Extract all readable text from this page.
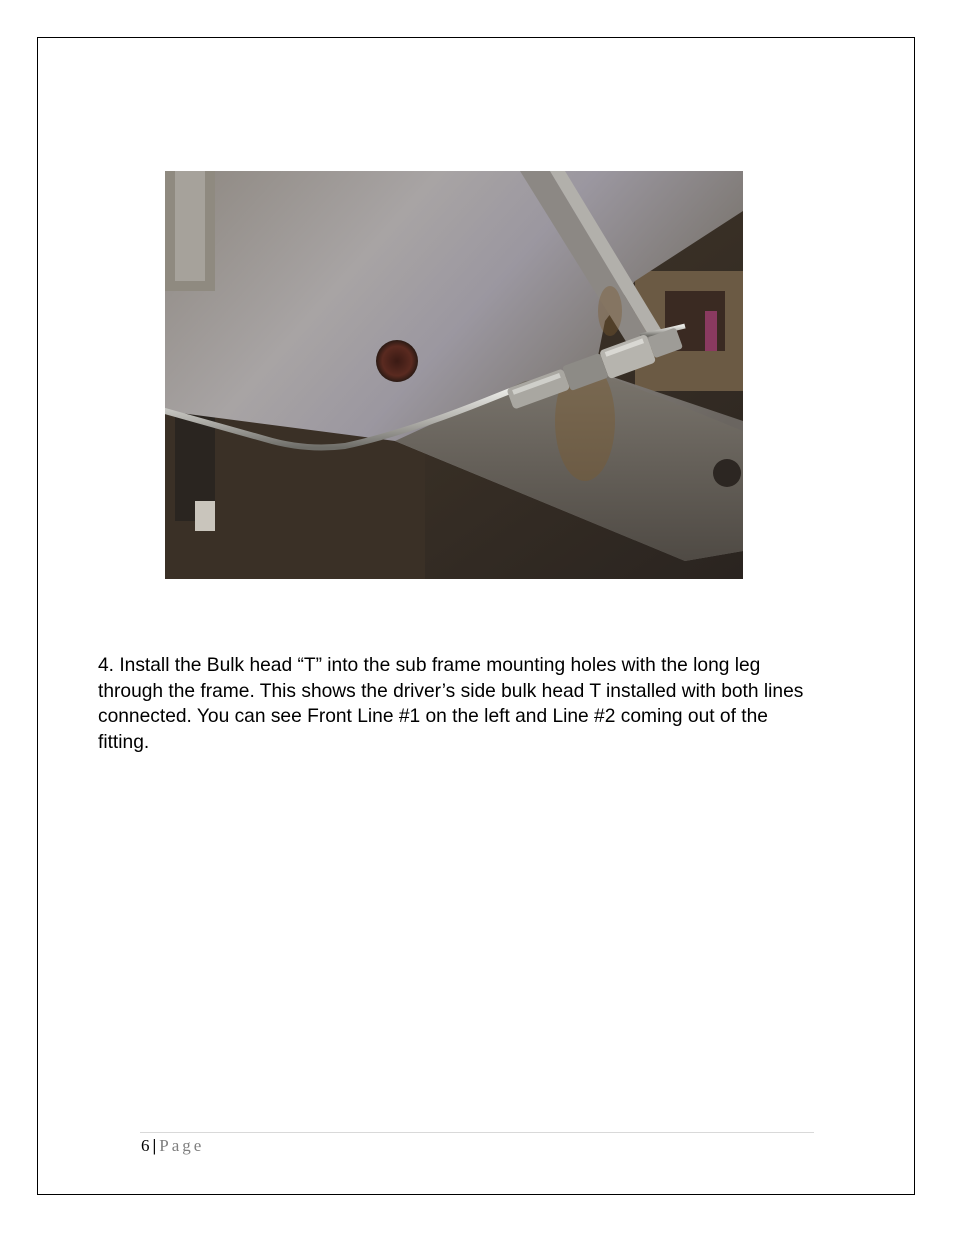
4. Install the Bulk head “T” into the sub frame mounting holes with the long leg through the frame. This shows the driver’s side bulk head T installed with both lines connected. You can see Front Line #1 on the left and Line #2 coming out of the fitting.

6 | Page
